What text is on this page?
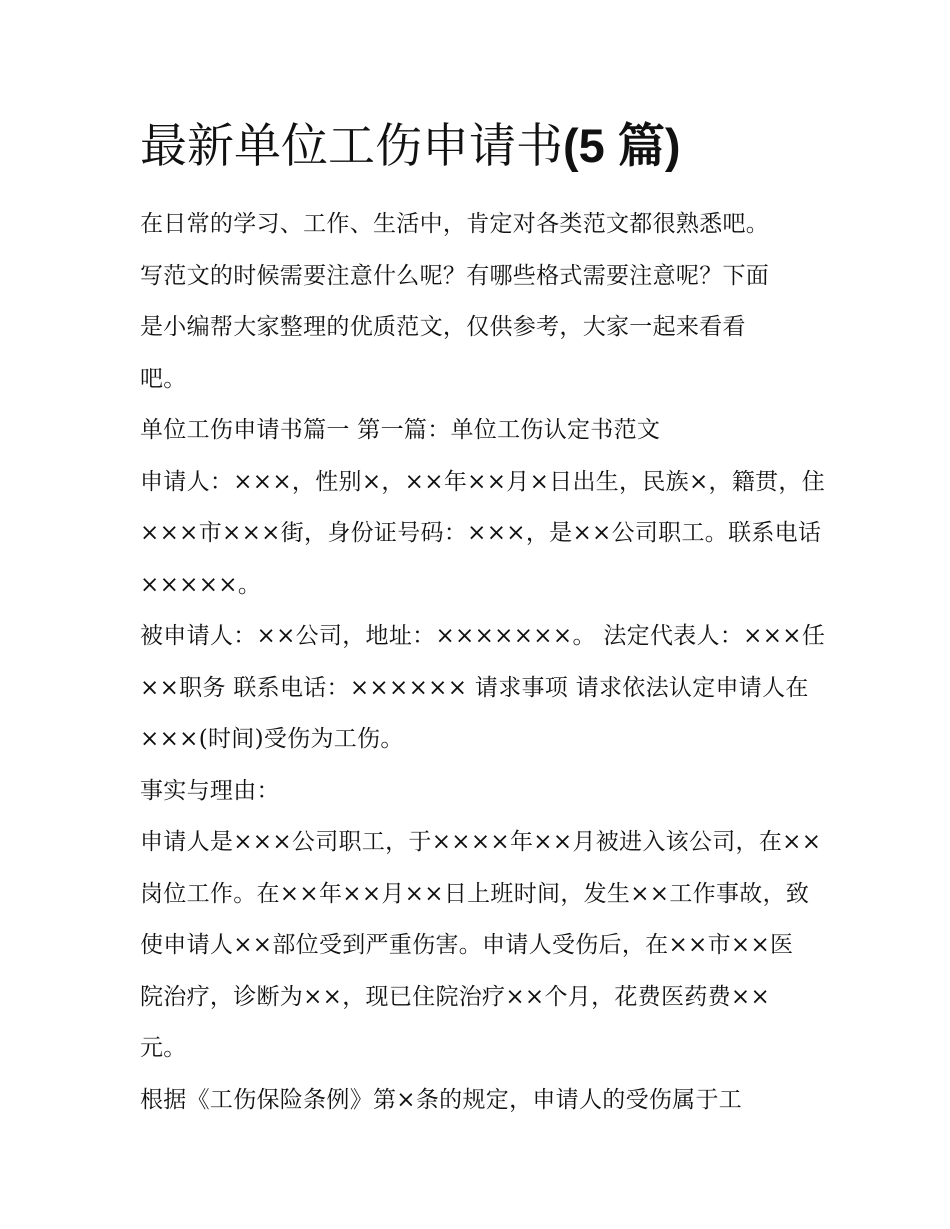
最新单位工伤申请书(5 篇)

在日常的学习、工作、生活中，肯定对各类范文都很熟悉吧。
写范文的时候需要注意什么呢？有哪些格式需要注意呢？下面
是小编帮大家整理的优质范文，仅供参考，大家一起来看看
吧。

单位工伤申请书篇一 第一篇：单位工伤认定书范文

申请人：×××，性别×，××年××月×日出生，民族×，籍贯，住
×××市×××街，身份证号码：×××，是××公司职工。联系电话
×××××。

被申请人：××公司，地址：×××××××。 法定代表人：×××任
××职务 联系电话：×××××× 请求事项 请求依法认定申请人在
×××(时间)受伤为工伤。

事实与理由：

申请人是×××公司职工，于××××年××月被进入该公司，在××
岗位工作。在××年××月××日上班时间，发生××工作事故，致
使申请人××部位受到严重伤害。申请人受伤后，在××市××医
院治疗，诊断为××，现已住院治疗××个月，花费医药费××
元。

根据《工伤保险条例》第×条的规定，申请人的受伤属于工
